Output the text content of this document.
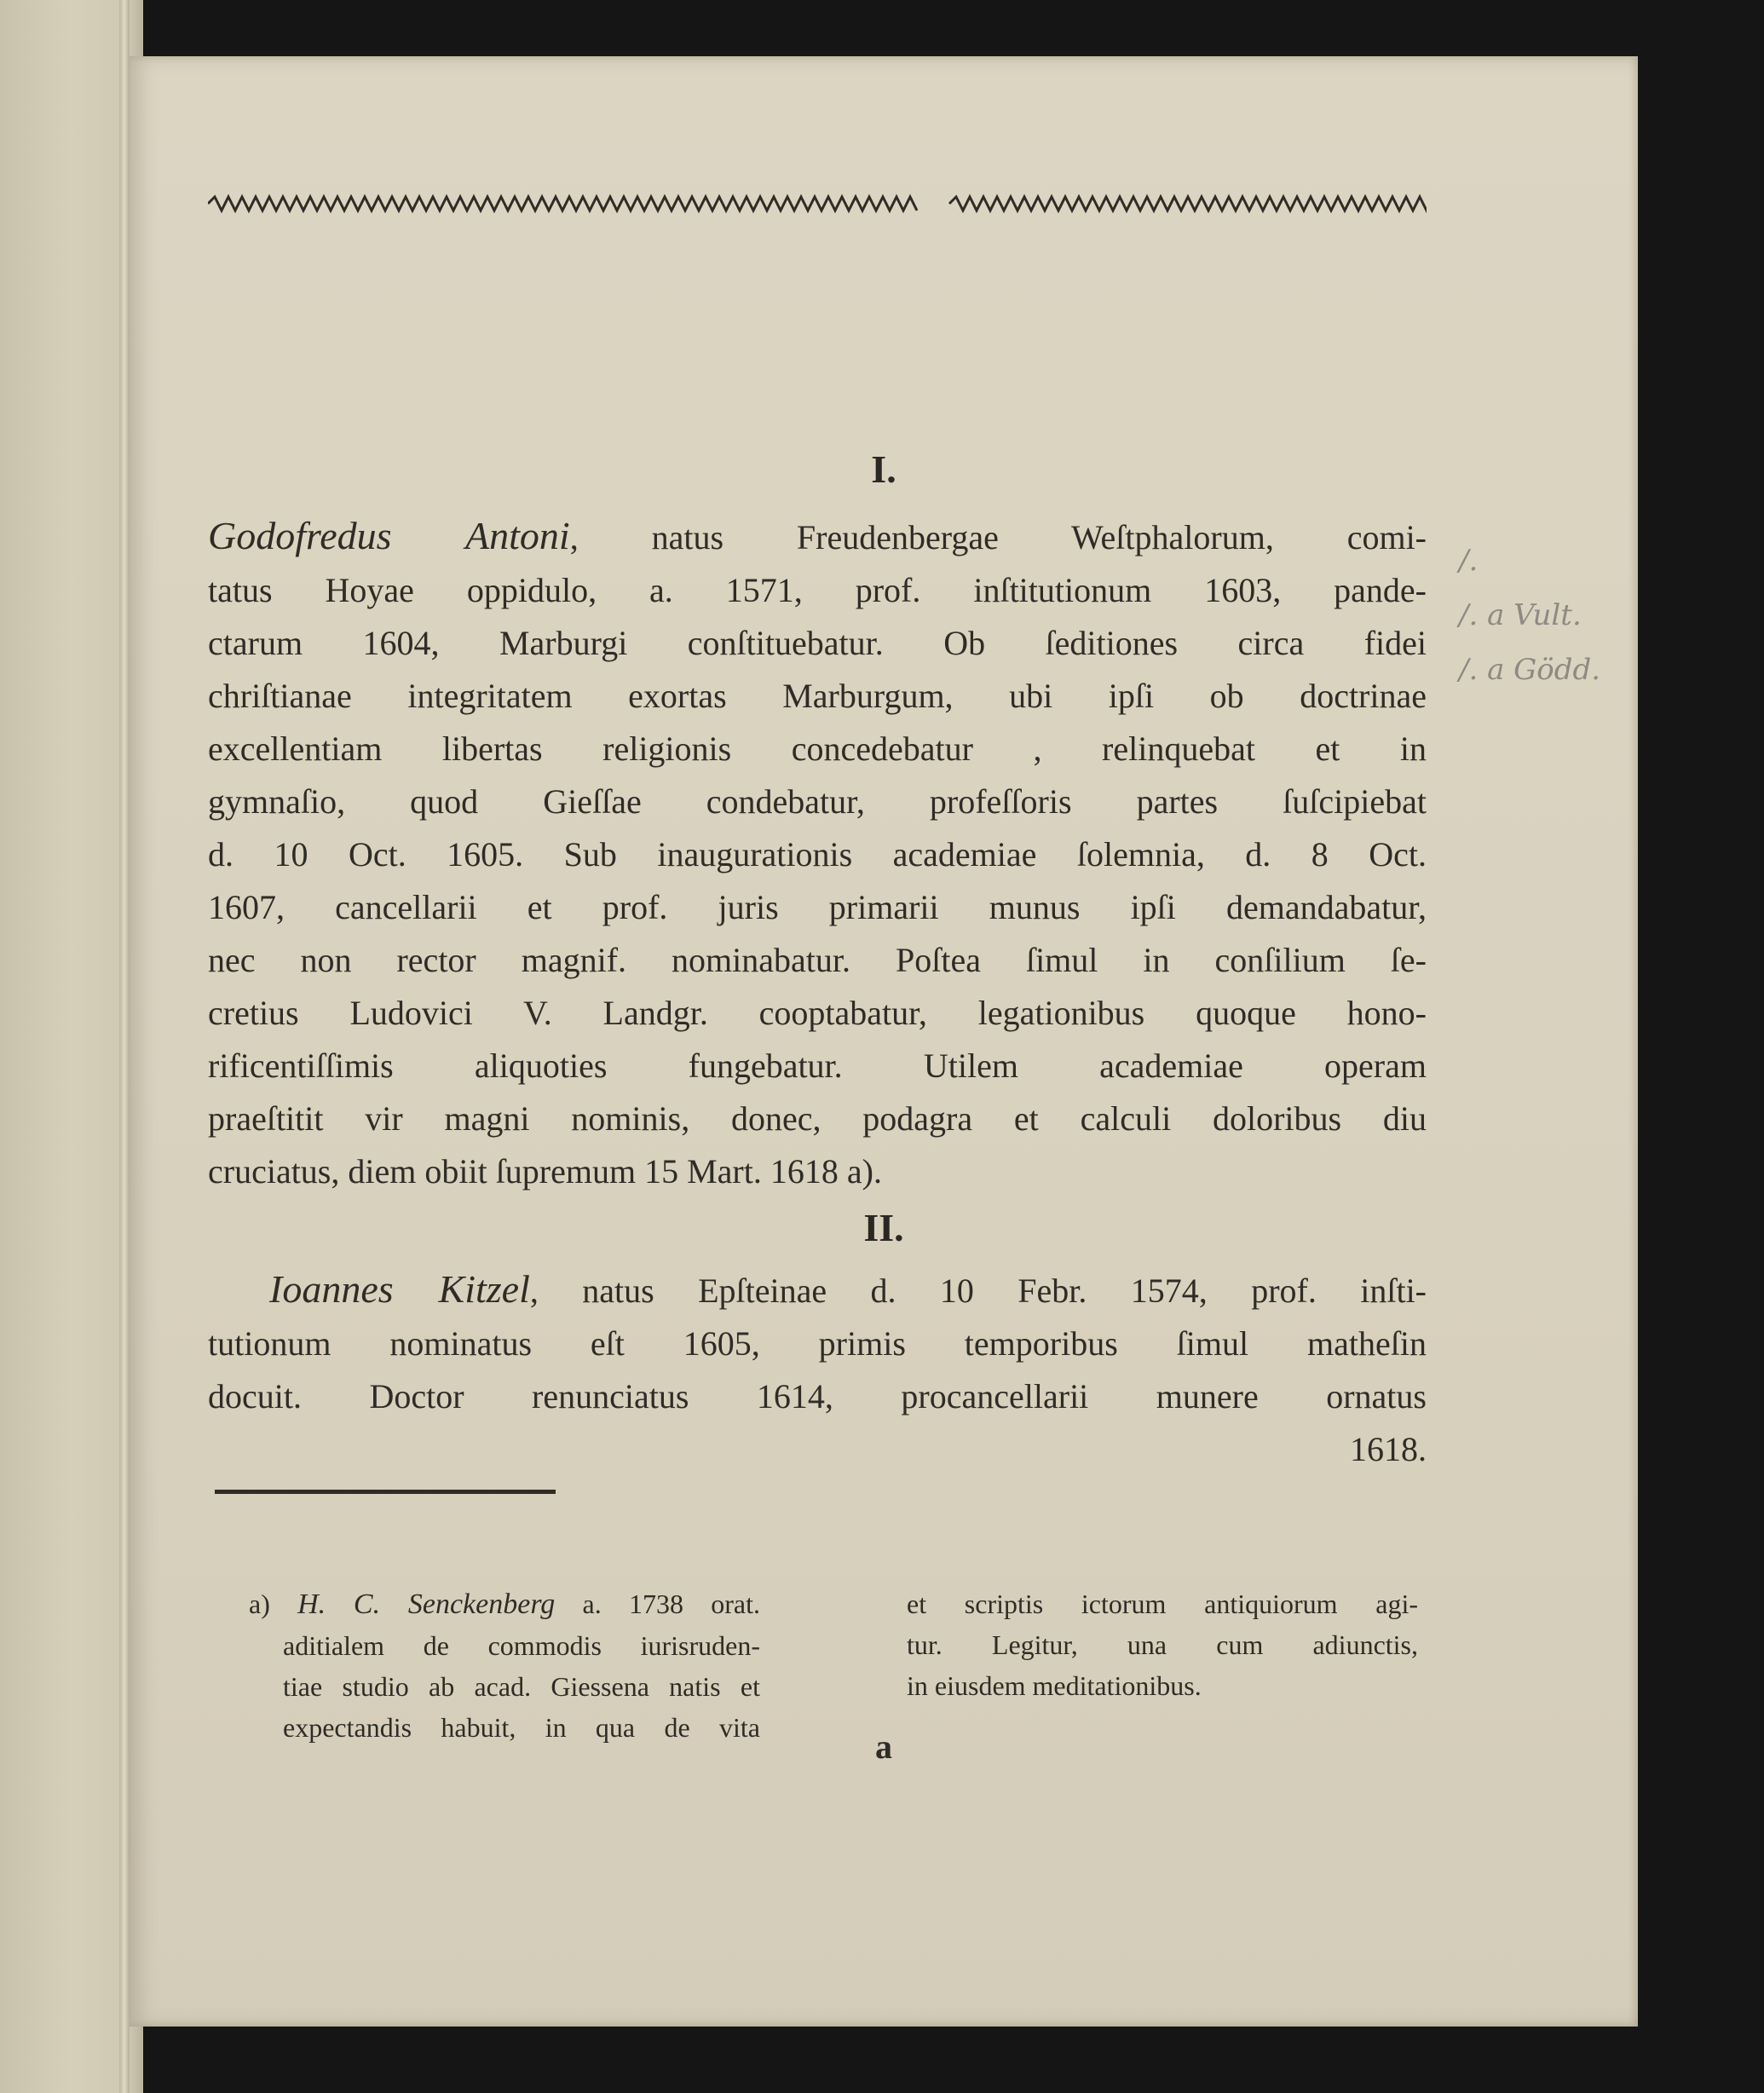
I.
Godofredus Antoni, natus Freudenbergae Weſtphalorum, comi-
tatus Hoyae oppidulo, a. 1571, prof. inſtitutionum 1603, pande-
ctarum 1604, Marburgi conſtituebatur. Ob ſeditiones circa fidei
chriſtianae integritatem exortas Marburgum, ubi ipſi ob doctrinae
excellentiam libertas religionis concedebatur , relinquebat et in
gymnaſio, quod Gieſſae condebatur, profeſſoris partes ſuſcipiebat
d. 10 Oct. 1605. Sub inaugurationis academiae ſolemnia, d. 8 Oct.
1607, cancellarii et prof. juris primarii munus ipſi demandabatur,
nec non rector magnif. nominabatur. Poſtea ſimul in conſilium ſe-
cretius Ludovici V. Landgr. cooptabatur, legationibus quoque hono-
rificentiſſimis aliquoties fungebatur. Utilem academiae operam
praeſtitit vir magni nominis, donec, podagra et calculi doloribus diu
cruciatus, diem obiit ſupremum 15 Mart. 1618 a).
II.
Ioannes Kitzel, natus Epſteinae d. 10 Febr. 1574, prof. inſti-
tutionum nominatus eſt 1605, primis temporibus ſimul matheſin
docuit. Doctor renunciatus 1614, procancellarii munere ornatus
1618.
a) H. C. Senckenberg a. 1738 orat.
aditialem de commodis iurisruden-
tiae studio ab acad. Giessena natis et
expectandis habuit, in qua de vita
et scriptis ictorum antiquiorum agi-
tur. Legitur, una cum adiunctis,
in eiusdem meditationibus.
a
/.
/. a Vult.
/. a Gödd.
